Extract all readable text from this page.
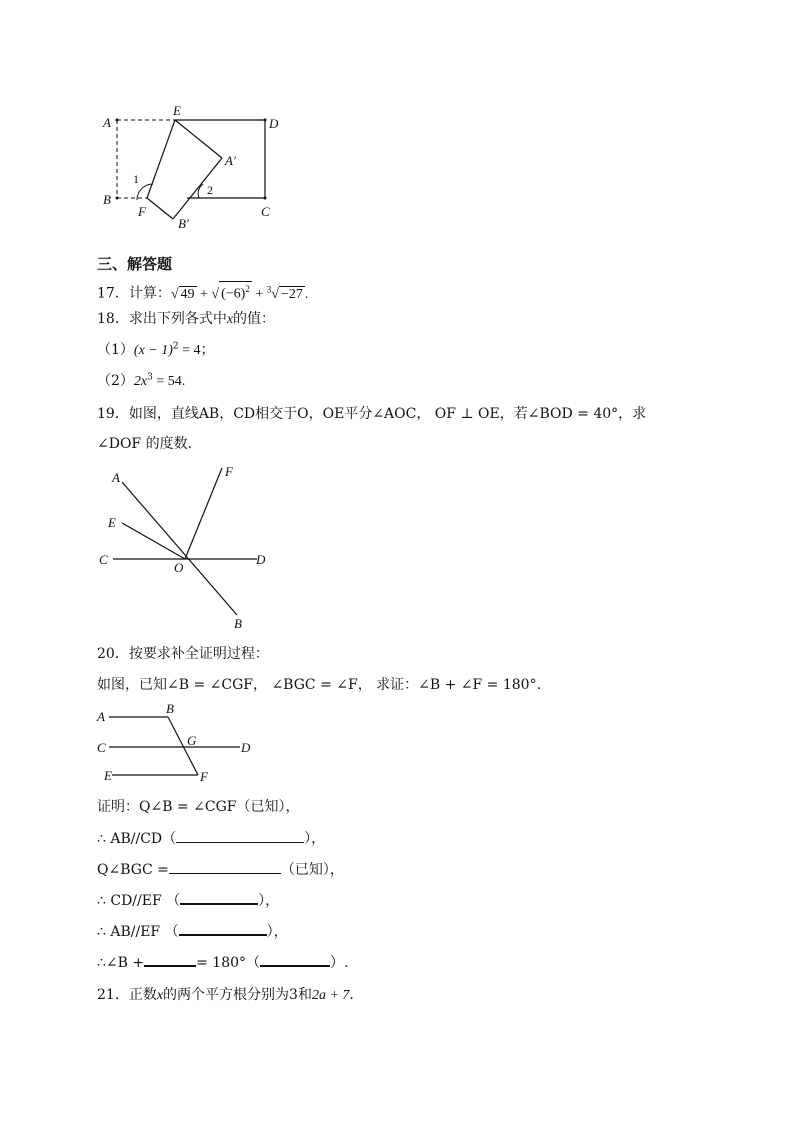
A
E
D
A′
B
F
B′
C
1
2
三、解答题
17．计算：√ 49 + √ $(-6)^2 + ^3√ -27$ .
18．求出下列各式中x的值：
$(1)(x - 1)^2 = 4$；
$(2)2x^3 = 54$.
19．如图，直线AB，CD相交于O，OE平分∠AOC， OF ⊥ OE，若∠BOD = 40°，求
∠DOF 的度数.
A	F
E
C
O
D
B
20．按要求补全证明过程：
如图，已知∠B = ∠CGF， ∠BGC = ∠F， 求证：∠B + ∠F = 180°.
A
B
C	G	D
E	F
证明：Q∠B = ∠CGF（已知），
∴ AB//CD（	），
Q∠BGC =	（已知），
∴ CD//EF （	），
∴ AB//EF （	），
∴∠B +	= 180°（	）.
21．正数x的两个平方根分别为3和2a + 7.
